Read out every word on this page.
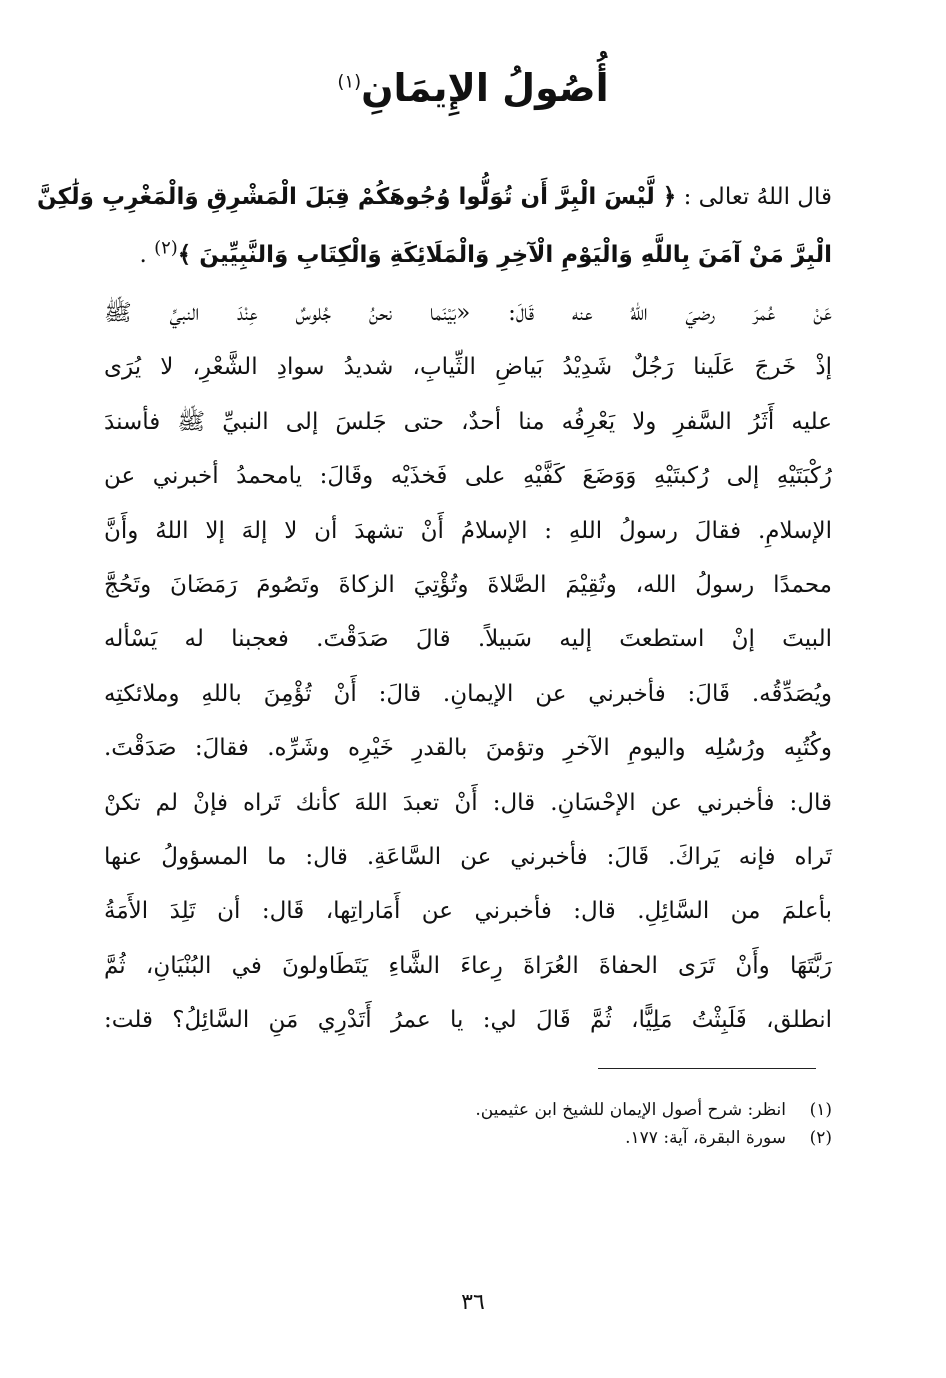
أُصُولُ الإِيمَانِ$^{(١)}$
قال اللهُ تعالى : ﴿ لَّيْسَ الْبِرَّ أَن تُوَلُّوا وُجُوهَكُمْ قِبَلَ الْمَشْرِقِ وَالْمَغْرِبِ وَلَٰكِنَّ
الْبِرَّ مَنْ آمَنَ بِاللَّهِ وَالْيَوْمِ الْآخِرِ وَالْمَلَائِكَةِ وَالْكِتَابِ وَالنَّبِيِّينَ ﴾$^{(٢)}$ .
عَنْ عُمرَ رضيَ اللهُ عنه قَالَ: «بَيْنَما نحنُ جُلوسٌ عِنْدَ النبيِّ ﷺ
إذْ خَرجَ عَلَينا رَجُلٌ شَدِيْدُ بَياضِ الثِّيابِ، شديدُ سوادِ الشَّعْرِ، لا يُرَى
عليه أَثَرُ السَّفرِ ولا يَعْرِفُه منا أحدٌ، حتى جَلسَ إلى النبيِّ ﷺ فأسندَ
رُكْبَتَيْهِ إلى رُكبتَيْهِ وَوَضَعَ كَفَّيْهِ على فَخذَيْه وقَالَ: يامحمدُ أخبرني عن
الإسلامِ. فقالَ رسولُ اللهِ : الإسلامُ أَنْ تشهدَ أن لا إلهَ إلا اللهُ وأَنَّ
محمدًا رسولُ الله، وتُقِيْمَ الصَّلاةَ وتُؤْتِيَ الزكاةَ وتَصُومَ رَمَضَانَ وتَحُجَّ
البيتَ إنْ استطعتَ إليه سَبيلاً. قالَ صَدَقْتَ. فعجبنا له يَسْأله
ويُصَدِّقُه. قَالَ: فأخبرني عن الإيمانِ. قالَ: أَنْ تُؤْمِنَ باللهِ وملائكتِه
وكُتُبِه ورُسُلِه واليومِ الآخرِ وتؤمنَ بالقدرِ خَيْرِه وشَرِّه. فقالَ: صَدَقْتَ.
قال: فأخبرني عن الإحْسَانِ. قال: أَنْ تعبدَ اللهَ كأنك تَراه فإنْ لم تكنْ
تَراه فإنه يَراكَ. قَالَ: فأخبرني عن السَّاعَةِ. قال: ما المسؤولُ عنها
بأعلمَ من السَّائِلِ. قال: فأخبرني عن أَمَاراتِها، قَال: أن تَلِدَ الأَمَةُ
رَبَّتَهَا وأَنْ تَرَى الحفاةَ العُرَاةَ رِعاءَ الشَّاءِ يَتَطَاولونَ في البُنْيَانِ، ثُمَّ
انطلق، فَلَبِثْتُ مَلِيًّا، ثُمَّ قَالَ لي: يا عمرُ أَتَدْرِي مَنِ السَّائِلُ؟ قلت:
(١)انظر: شرح أصول الإيمان للشيخ ابن عثيمين.
(٢)سورة البقرة، آية: ١٧٧.
٣٦
